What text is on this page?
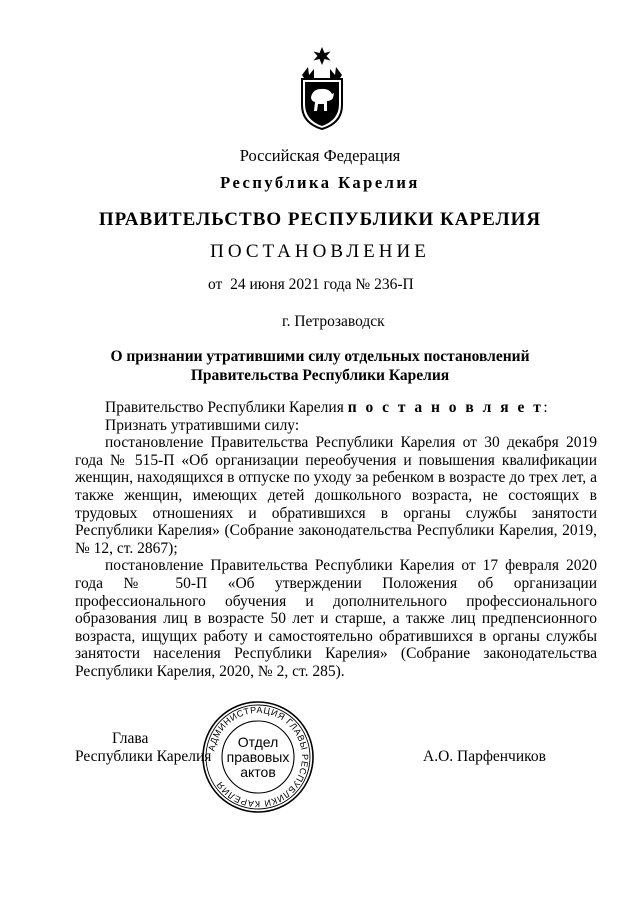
Российская Федерация
Республика Карелия
ПРАВИТЕЛЬСТВО РЕСПУБЛИКИ КАРЕЛИЯ
ПОСТАНОВЛЕНИЕ
от  24 июня 2021 года № 236-П
г. Петрозаводск
О признании утратившими силу отдельных постановлений
Правительства Республики Карелия

Правительство Республики Карелия п о с т а н о в л я е т:

Признать утратившими силу:

постановление Правительства Республики Карелия от 30 декабря 2019 года № 515-П «Об организации переобучения и повышения квалификации женщин, находящихся в отпуске по уходу за ребенком в возрасте до трех лет, а также женщин, имеющих детей дошкольного возраста, не состоящих в трудовых отношениях и обратившихся в органы службы занятости Республики Карелия» (Собрание законодательства Республики Карелия, 2019, № 12, ст. 2867);

постановление Правительства Республики Карелия от 17 февраля 2020 года № 50-П «Об утверждении Положения об организации профессионального обучения и дополнительного профессионального образования лиц в возрасте 50 лет и старше, а также лиц предпенсионного возраста, ищущих работу и самостоятельно обратившихся в органы службы занятости населения Республики Карелия» (Собрание законодательства Республики Карелия, 2020, № 2, ст. 285).

Глава
Республики Карелия	А.О. Парфенчиков
АДМИНИСТРАЦИЯ ГЛАВЫ РЕСПУБЛИКИ КАРЕЛИЯ
Отдел
правовых
актов
